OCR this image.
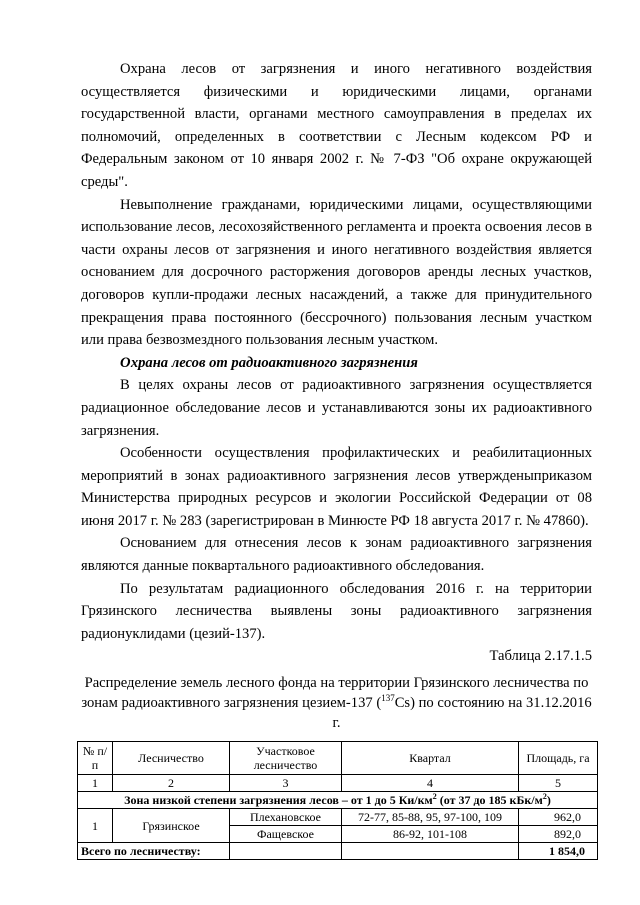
Охрана лесов от загрязнения и иного негативного воздействия осуществляется физическими и юридическими лицами, органами государственной власти, органами местного самоуправления в пределах их полномочий, определенных в соответствии с Лесным кодексом РФ и Федеральным законом от 10 января 2002 г. № 7-ФЗ "Об охране окружающей среды".

Невыполнение гражданами, юридическими лицами, осуществляющими использование лесов, лесохозяйственного регламента и проекта освоения лесов в части охраны лесов от загрязнения и иного негативного воздействия является основанием для досрочного расторжения договоров аренды лесных участков, договоров купли-продажи лесных насаждений, а также для принудительного прекращения права постоянного (бессрочного) пользования лесным участком или права безвозмездного пользования лесным участком.

Охрана лесов от радиоактивного загрязнения

В целях охраны лесов от радиоактивного загрязнения осуществляется радиационное обследование лесов и устанавливаются зоны их радиоактивного загрязнения.

Особенности осуществления профилактических и реабилитационных мероприятий в зонах радиоактивного загрязнения лесов утвержденыприказом Министерства природных ресурсов и экологии Российской Федерации от 08 июня 2017 г. № 283 (зарегистрирован в Минюсте РФ 18 августа 2017 г. № 47860).

Основанием для отнесения лесов к зонам радиоактивного загрязнения являются данные поквартального радиоактивного обследования.

По результатам радиационного обследования 2016 г. на территории Грязинского лесничества выявлены зоны радиоактивного загрязнения радионуклидами (цезий-137).

Таблица 2.17.1.5

Распределение земель лесного фонда на территории Грязинского лесничества по зонам радиоактивного загрязнения цезием-137 ($^{137}$Cs) по состоянию на 31.12.2016 г.

№ п/п	Лесничество	Участковое лесничество	Квартал	Площадь, га
1	2	3	4	5
Зона низкой степени загрязнения лесов – от 1 до 5 $Ки/км^2$ (от 37 до 185 кБк/$м^2$)				
1	Грязинское	Плехановское	72-77, 85-88, 95, 97-100, 109	962,0
		Фащевское	86-92, 101-108	892,0
Всего по лесничеству:				1 854,0
